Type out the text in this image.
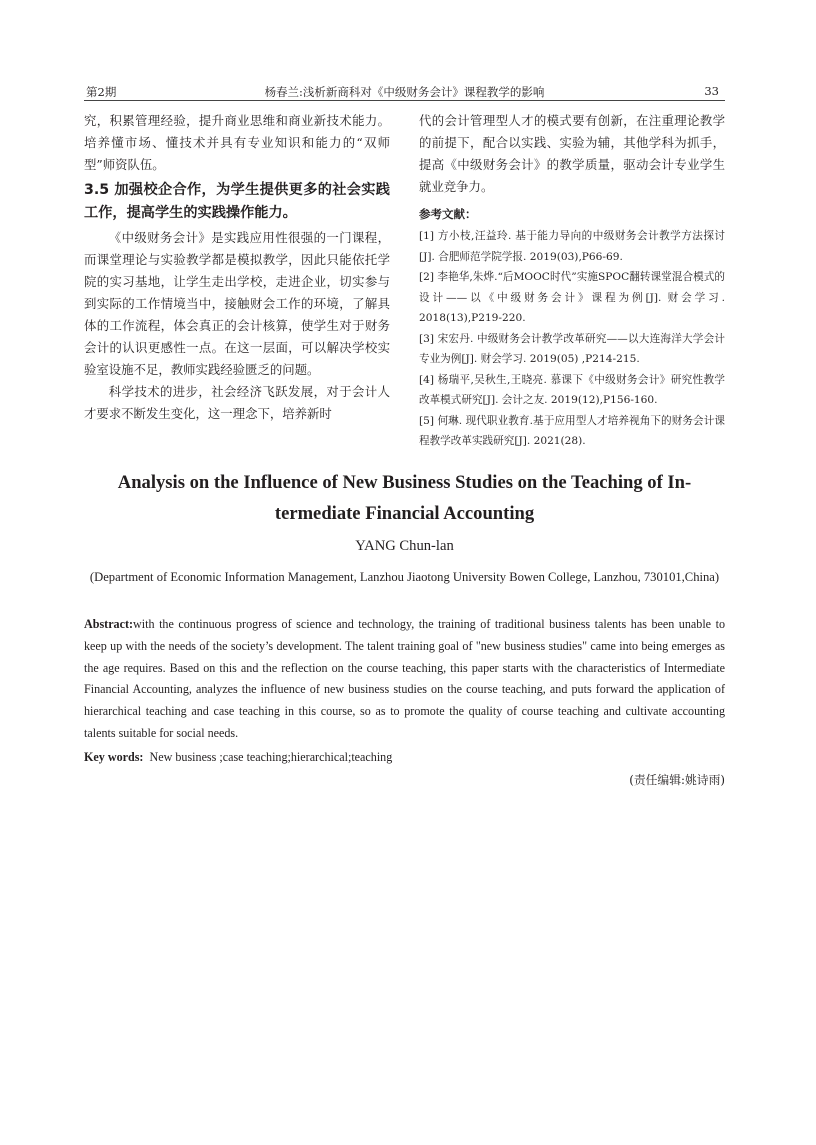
第2期	杨春兰:浅析新商科对《中级财务会计》课程教学的影响	33

究，积累管理经验，提升商业思维和商业新技术能力。培养懂市场、懂技术并具有专业知识和能力的“双师型”师资队伍。

3.5 加强校企合作，为学生提供更多的社会实践工作，提高学生的实践操作能力。

《中级财务会计》是实践应用性很强的一门课程，而课堂理论与实验教学都是模拟教学，因此只能依托学院的实习基地，让学生走出学校，走进企业，切实参与到实际的工作情境当中，接触财会工作的环境，了解具体的工作流程，体会真正的会计核算，使学生对于财务会计的认识更感性一点。在这一层面，可以解决学校实验室设施不足，教师实践经验匮乏的问题。

科学技术的进步，社会经济飞跃发展，对于会计人才要求不断发生变化，这一理念下，培养新时

代的会计管理型人才的模式要有创新，在注重理论教学的前提下，配合以实践、实验为辅，其他学科为抓手，提高《中级财务会计》的教学质量，驱动会计专业学生就业竞争力。

参考文献：

[1] 方小枝,汪益玲. 基于能力导向的中级财务会计教学方法探讨[J]. 合肥师范学院学报. 2019(03),P66-69.
[2] 李艳华,朱烨.“后MOOC时代”实施SPOC翻转课堂混合模式的设计——以《中级财务会计》课程为例[J]. 财会学习. 2018(13),P219-220.
[3] 宋宏丹. 中级财务会计教学改革研究——以大连海洋大学会计专业为例[J]. 财会学习. 2019(05) ,P214-215.
[4] 杨瑞平,吴秋生,王晓亮. 慕课下《中级财务会计》研究性教学改革模式研究[J]. 会计之友. 2019(12),P156-160.
[5] 何琳. 现代职业教育.基于应用型人才培养视角下的财务会计课程教学改革实践研究[J]. 2021(28).
Analysis on the Influence of New Business Studies on the Teaching of In-
termediate Financial Accounting
YANG Chun-lan
(Department of Economic Information Management, Lanzhou Jiaotong University Bowen College, Lanzhou, 730101,China)
Abstract:with the continuous progress of science and technology, the training of traditional business talents has been unable to keep up with the needs of the society’s development. The talent training goal of "new business studies" came into being emerges as the age requires. Based on this and the reflection on the course teaching, this paper starts with the characteristics of Intermediate Financial Accounting, analyzes the influence of new business studies on the course teaching, and puts forward the application of hierarchical teaching and case teaching in this course, so as to promote the quality of course teaching and cultivate accounting talents suitable for social needs.
Key words: New business ;case teaching;hierarchical;teaching
(责任编辑:姚诗雨)
